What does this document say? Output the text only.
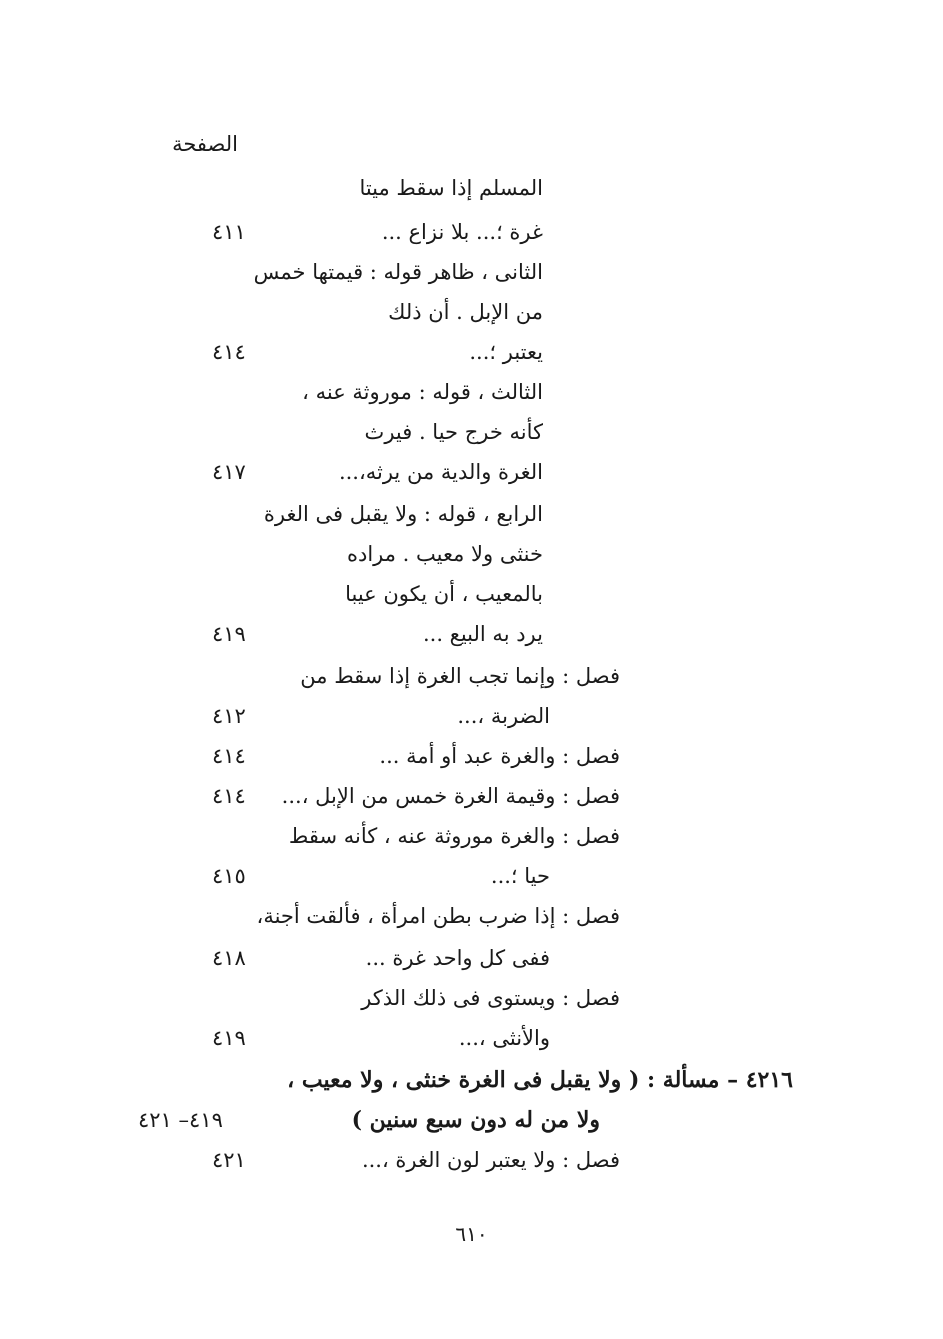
الصفحة
المسلم إذا سقط ميتا
غرة ؛... بلا نزاع ...
٤١١
الثانى ، ظاهر قوله : قيمتها خمس
من الإبل . أن ذلك
يعتبر ؛...
٤١٤
الثالث ، قوله : موروثة عنه ،
كأنه خرج حيا . فيرث
الغرة والدية من يرثه،...
٤١٧
الرابع ، قوله : ولا يقبل فى الغرة
خنثى ولا معيب . مراده
بالمعيب ، أن يكون عيبا
يرد به البيع ...
٤١٩
فصل : وإنما تجب الغرة إذا سقط من
الضربة ،...
٤١٢
فصل : والغرة عبد أو أمة ...
٤١٤
فصل : وقيمة الغرة خمس من الإبل ،...
٤١٤
فصل : والغرة موروثة عنه ، كأنه سقط
حيا ؛...
٤١٥
فصل : إذا ضرب بطن امرأة ، فألقت أجنة،
ففى كل واحد غرة ...
٤١٨
فصل : ويستوى فى ذلك الذكر
والأنثى ،...
٤١٩
٤٢١٦ – مسألة : ( ولا يقبل فى الغرة خنثى ، ولا معيب ،
ولا من له دون سبع سنين )
٤١٩– ٤٢١
فصل : ولا يعتبر لون الغرة ،...
٤٢١
٦١٠
